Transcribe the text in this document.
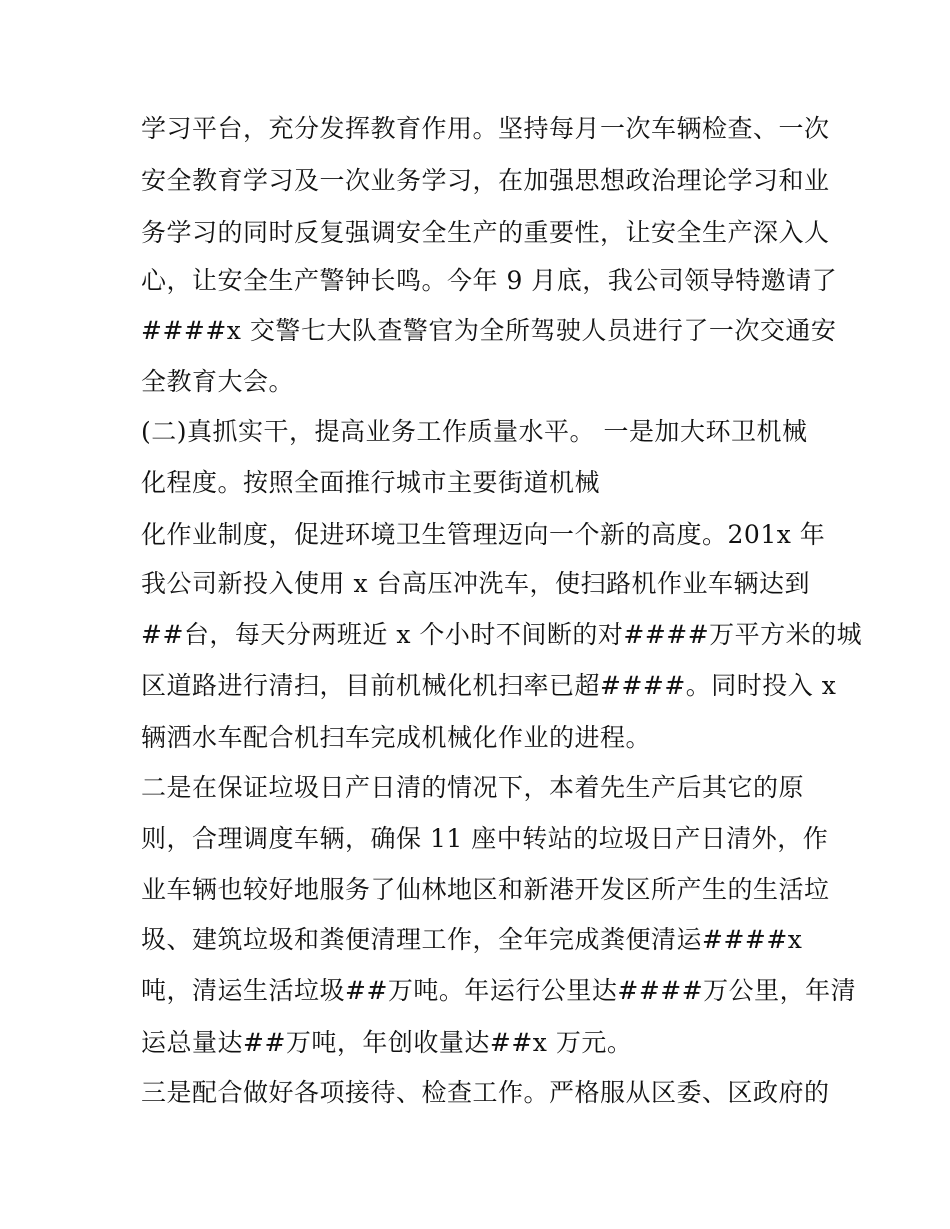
学习平台，充分发挥教育作用。坚持每月一次车辆检查、一次
安全教育学习及一次业务学习，在加强思想政治理论学习和业
务学习的同时反复强调安全生产的重要性，让安全生产深入人
心，让安全生产警钟长鸣。今年 9 月底，我公司领导特邀请了
####x 交警七大队查警官为全所驾驶人员进行了一次交通安
全教育大会。
(二)真抓实干，提高业务工作质量水平。 一是加大环卫机械
化程度。按照全面推行城市主要街道机械
化作业制度，促进环境卫生管理迈向一个新的高度。201x 年
我公司新投入使用 x 台高压冲洗车，使扫路机作业车辆达到
##台，每天分两班近 x 个小时不间断的对####万平方米的城
区道路进行清扫，目前机械化机扫率已超####。同时投入 x
辆洒水车配合机扫车完成机械化作业的进程。
二是在保证垃圾日产日清的情况下，本着先生产后其它的原
则，合理调度车辆，确保 11 座中转站的垃圾日产日清外，作
业车辆也较好地服务了仙林地区和新港开发区所产生的生活垃
圾、建筑垃圾和粪便清理工作，全年完成粪便清运####x
吨，清运生活垃圾##万吨。年运行公里达####万公里，年清
运总量达##万吨，年创收量达##x 万元。
三是配合做好各项接待、检查工作。严格服从区委、区政府的
